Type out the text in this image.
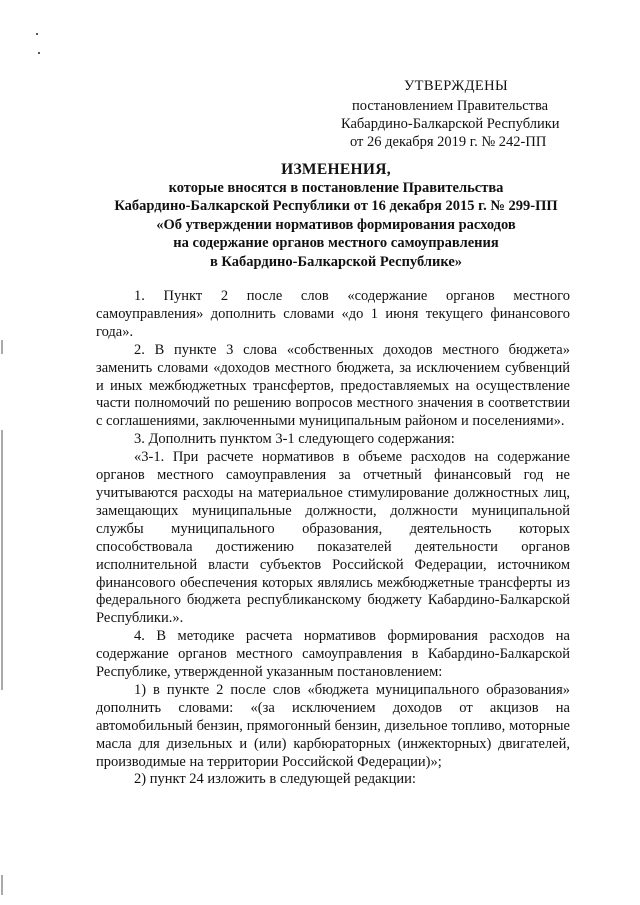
УТВЕРЖДЕНЫ
постановлением Правительства
Кабардино-Балкарской Республики
от 26 декабря 2019 г. № 242-ПП
ИЗМЕНЕНИЯ,
которые вносятся в постановление Правительства
Кабардино-Балкарской Республики от 16 декабря 2015 г. № 299-ПП
«Об утверждении нормативов формирования расходов
на содержание органов местного самоуправления
в Кабардино-Балкарской Республике»

1. Пункт 2 после слов «содержание органов местного самоуправления» дополнить словами «до 1 июня текущего финансового года».

2. В пункте 3 слова «собственных доходов местного бюджета» заменить словами «доходов местного бюджета, за исключением субвенций и иных межбюджетных трансфертов, предоставляемых на осуществление части полномочий по решению вопросов местного значения в соответствии с соглашениями, заключенными муниципальным районом и поселениями».

3. Дополнить пунктом 3-1 следующего содержания:

«3-1. При расчете нормативов в объеме расходов на содержание органов местного самоуправления за отчетный финансовый год не учитываются расходы на материальное стимулирование должностных лиц, замещающих муниципальные должности, должности муниципальной службы муниципального образования, деятельность которых способствовала достижению показателей деятельности органов исполнительной власти субъектов Российской Федерации, источником финансового обеспечения которых являлись межбюджетные трансферты из федерального бюджета республиканскому бюджету Кабардино-Балкарской Республики.».

4. В методике расчета нормативов формирования расходов на содержание органов местного самоуправления в Кабардино-Балкарской Республике, утвержденной указанным постановлением:

1) в пункте 2 после слов «бюджета муниципального образования» дополнить словами: «(за исключением доходов от акцизов на автомобильный бензин, прямогонный бензин, дизельное топливо, моторные масла для дизельных и (или) карбюраторных (инжекторных) двигателей, производимые на территории Российской Федерации)»;

2) пункт 24 изложить в следующей редакции:
